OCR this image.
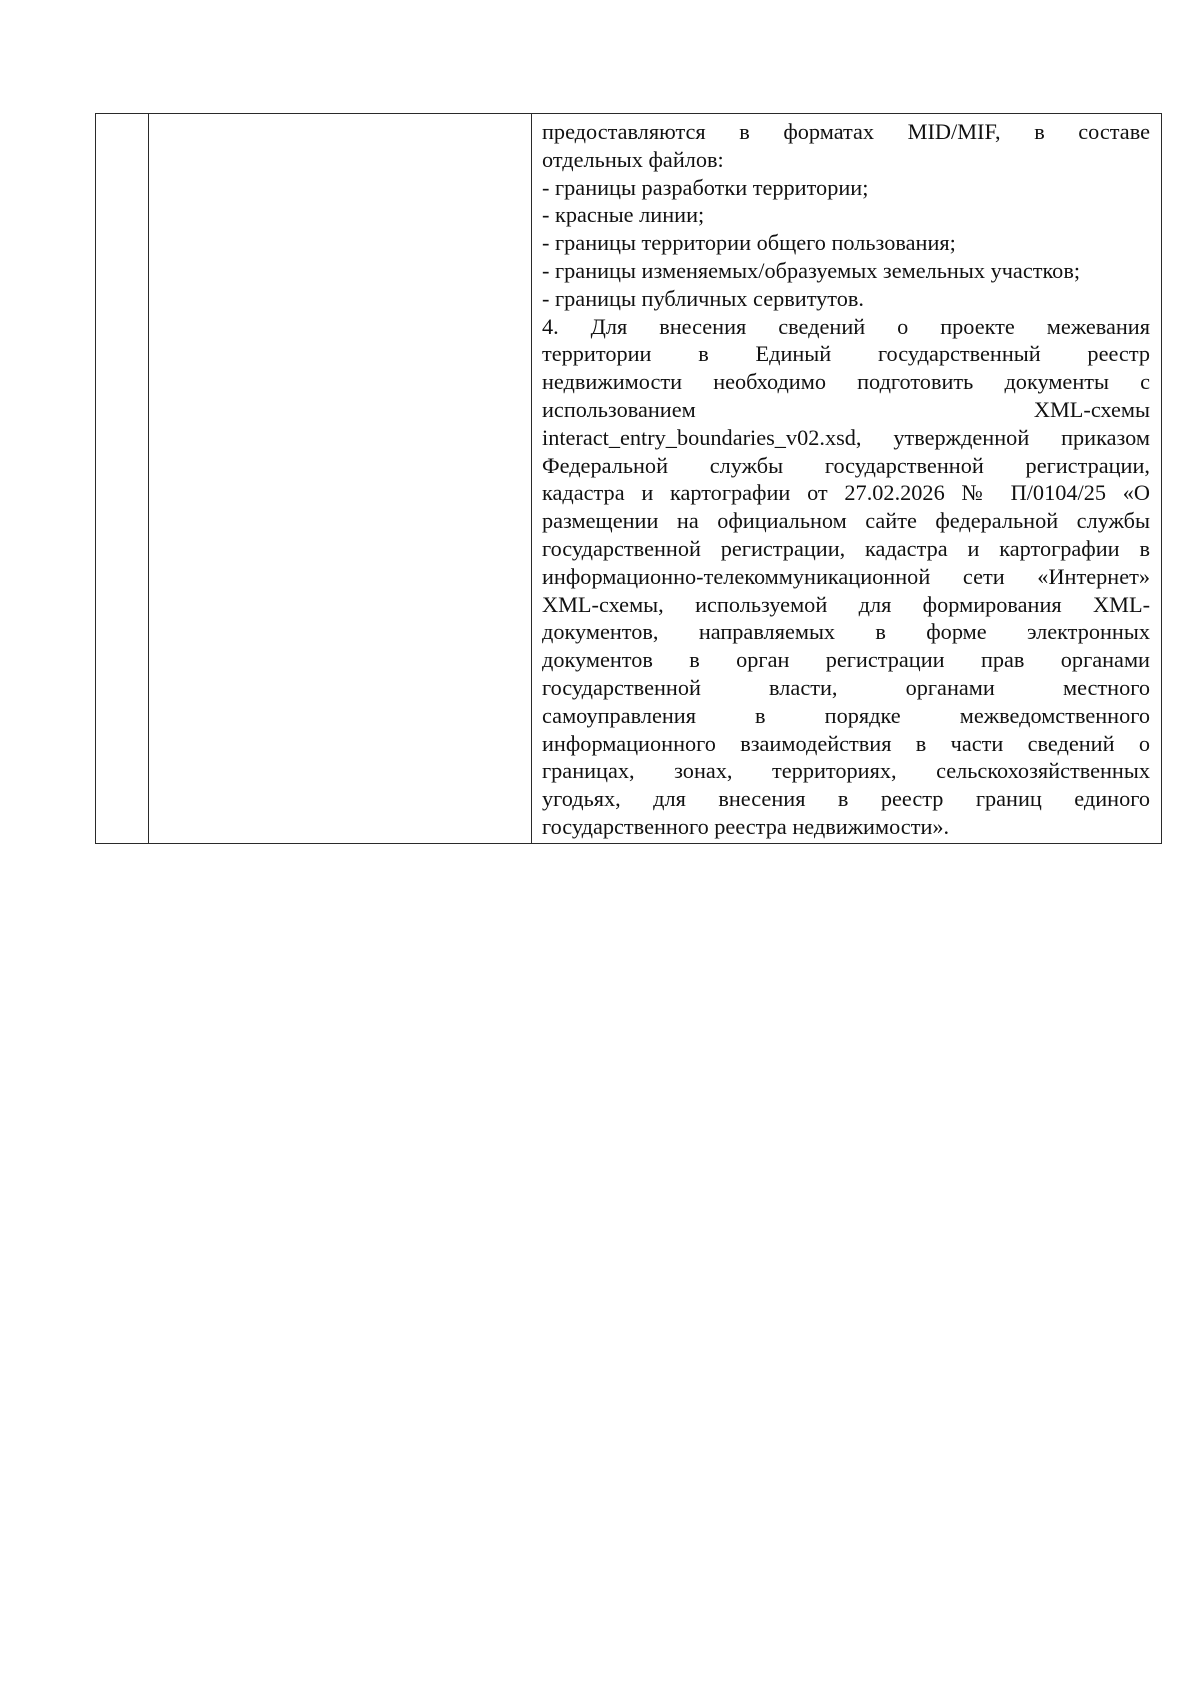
предоставляются в форматах MID/MIF, в составе
отдельных файлов:
- границы разработки территории;
- красные линии;
- границы территории общего пользования;
- границы изменяемых/образуемых земельных участков;
- границы публичных сервитутов.
4. Для внесения сведений о проекте межевания
территории в Единый государственный реестр
недвижимости необходимо подготовить документы с
использованием XML-схемы
interact_entry_boundaries_v02.xsd, утвержденной приказом
Федеральной службы государственной регистрации,
кадастра и картографии от 27.02.2026 № П/0104/25 «О
размещении на официальном сайте федеральной службы
государственной регистрации, кадастра и картографии в
информационно-телекоммуникационной сети «Интернет»
XML-схемы, используемой для формирования XML-
документов, направляемых в форме электронных
документов в орган регистрации прав органами
государственной власти, органами местного
самоуправления в порядке межведомственного
информационного взаимодействия в части сведений о
границах, зонах, территориях, сельскохозяйственных
угодьях, для внесения в реестр границ единого
государственного реестра недвижимости».
